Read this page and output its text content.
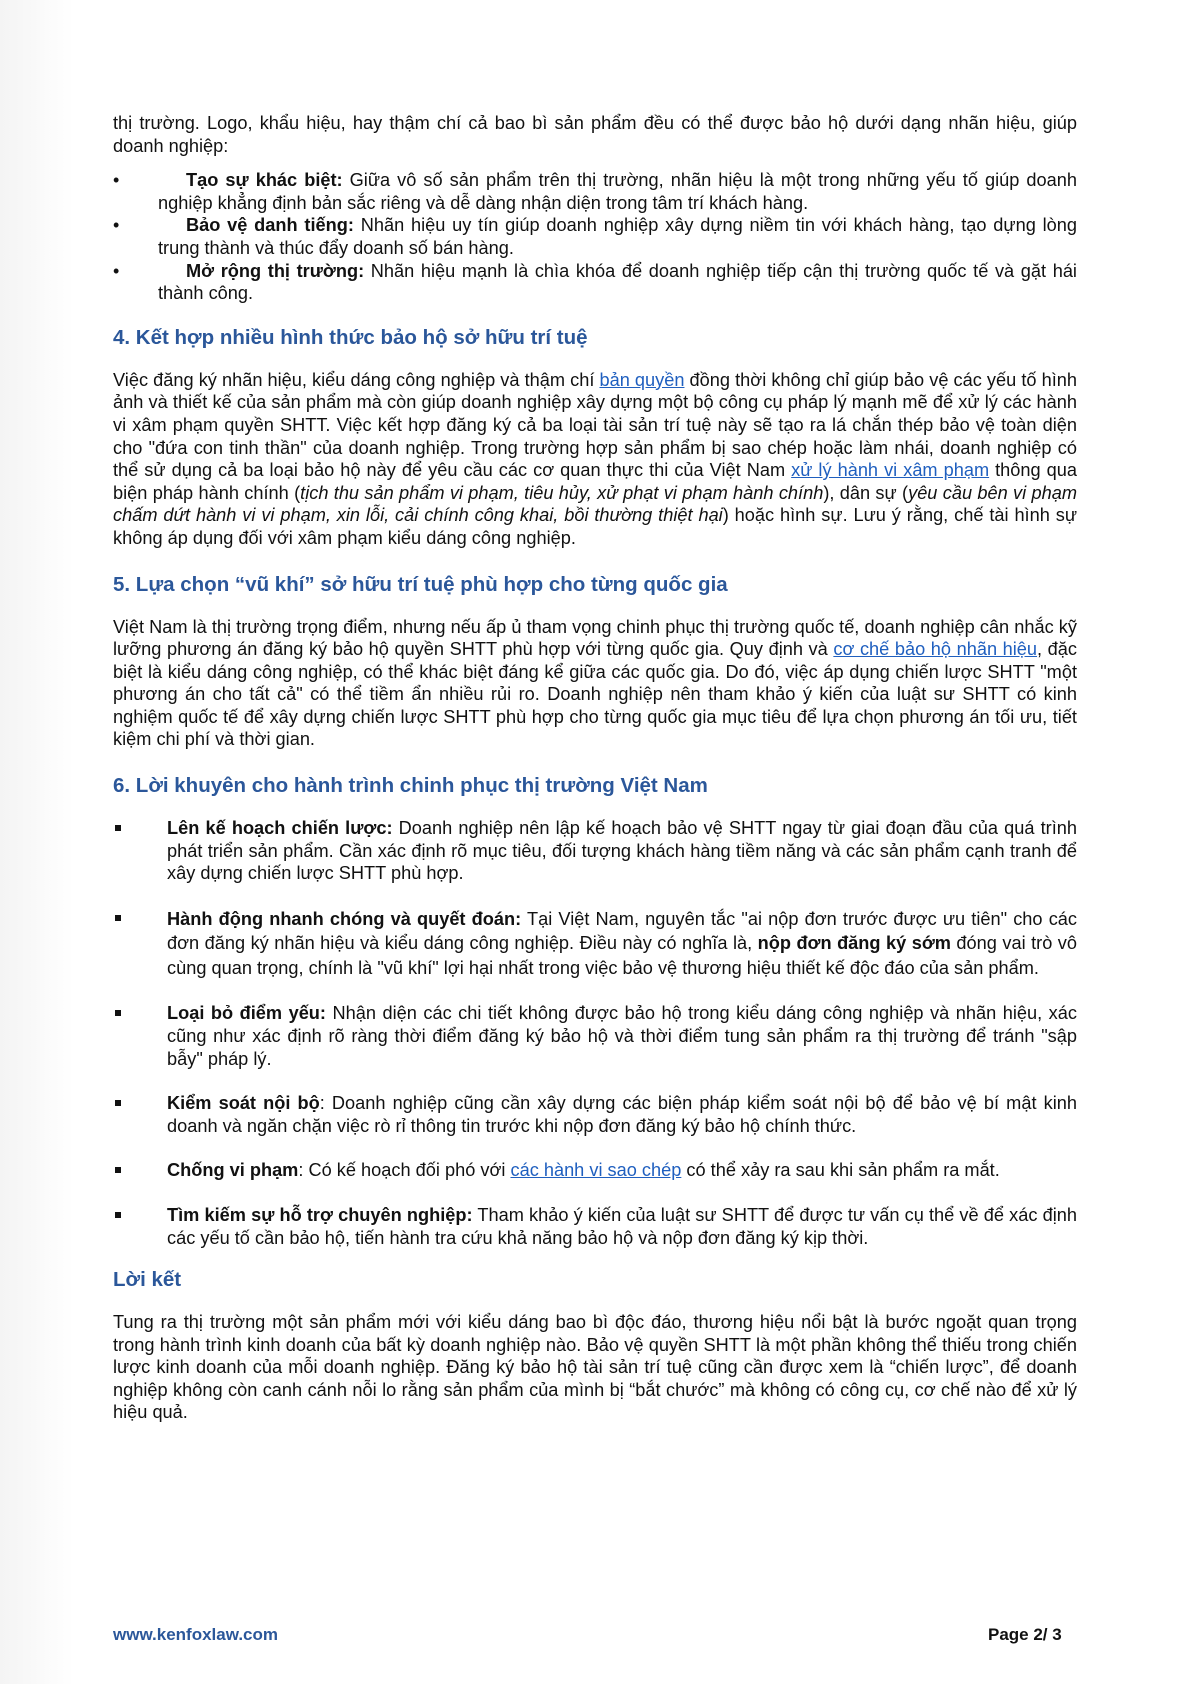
thị trường. Logo, khẩu hiệu, hay thậm chí cả bao bì sản phẩm đều có thể được bảo hộ dưới dạng nhãn hiệu, giúp doanh nghiệp:

•	Tạo sự khác biệt: Giữa vô số sản phẩm trên thị trường, nhãn hiệu là một trong những yếu tố giúp doanh nghiệp khẳng định bản sắc riêng và dễ dàng nhận diện trong tâm trí khách hàng.
•	Bảo vệ danh tiếng: Nhãn hiệu uy tín giúp doanh nghiệp xây dựng niềm tin với khách hàng, tạo dựng lòng trung thành và thúc đẩy doanh số bán hàng.
•	Mở rộng thị trường: Nhãn hiệu mạnh là chìa khóa để doanh nghiệp tiếp cận thị trường quốc tế và gặt hái thành công.
4. Kết hợp nhiều hình thức bảo hộ sở hữu trí tuệ

Việc đăng ký nhãn hiệu, kiểu dáng công nghiệp và thậm chí bản quyền đồng thời không chỉ giúp bảo vệ các yếu tố hình ảnh và thiết kế của sản phẩm mà còn giúp doanh nghiệp xây dựng một bộ công cụ pháp lý mạnh mẽ để xử lý các hành vi xâm phạm quyền SHTT. Việc kết hợp đăng ký cả ba loại tài sản trí tuệ này sẽ tạo ra lá chắn thép bảo vệ toàn diện cho "đứa con tinh thần" của doanh nghiệp. Trong trường hợp sản phẩm bị sao chép hoặc làm nhái, doanh nghiệp có thể sử dụng cả ba loại bảo hộ này để yêu cầu các cơ quan thực thi của Việt Nam xử lý hành vi xâm phạm thông qua biện pháp hành chính (tịch thu sản phẩm vi phạm, tiêu hủy, xử phạt vi phạm hành chính), dân sự (yêu cầu bên vi phạm chấm dứt hành vi vi phạm, xin lỗi, cải chính công khai, bồi thường thiệt hại) hoặc hình sự. Lưu ý rằng, chế tài hình sự không áp dụng đối với xâm phạm kiểu dáng công nghiệp.

5. Lựa chọn “vũ khí” sở hữu trí tuệ phù hợp cho từng quốc gia

Việt Nam là thị trường trọng điểm, nhưng nếu ấp ủ tham vọng chinh phục thị trường quốc tế, doanh nghiệp cân nhắc kỹ lưỡng phương án đăng ký bảo hộ quyền SHTT phù hợp với từng quốc gia. Quy định và cơ chế bảo hộ nhãn hiệu, đặc biệt là kiểu dáng công nghiệp, có thể khác biệt đáng kể giữa các quốc gia. Do đó, việc áp dụng chiến lược SHTT "một phương án cho tất cả" có thể tiềm ẩn nhiều rủi ro. Doanh nghiệp nên tham khảo ý kiến của luật sư SHTT có kinh nghiệm quốc tế để xây dựng chiến lược SHTT phù hợp cho từng quốc gia mục tiêu để lựa chọn phương án tối ưu, tiết kiệm chi phí và thời gian.

6. Lời khuyên cho hành trình chinh phục thị trường Việt Nam
Lên kế hoạch chiến lược: Doanh nghiệp nên lập kế hoạch bảo vệ SHTT ngay từ giai đoạn đầu của quá trình phát triển sản phẩm. Cần xác định rõ mục tiêu, đối tượng khách hàng tiềm năng và các sản phẩm cạnh tranh để xây dựng chiến lược SHTT phù hợp.
Hành động nhanh chóng và quyết đoán: Tại Việt Nam, nguyên tắc "ai nộp đơn trước được ưu tiên" cho các đơn đăng ký nhãn hiệu và kiểu dáng công nghiệp. Điều này có nghĩa là, nộp đơn đăng ký sớm đóng vai trò vô cùng quan trọng, chính là "vũ khí" lợi hại nhất trong việc bảo vệ thương hiệu thiết kế độc đáo của sản phẩm.
Loại bỏ điểm yếu: Nhận diện các chi tiết không được bảo hộ trong kiểu dáng công nghiệp và nhãn hiệu, xác cũng như xác định rõ ràng thời điểm đăng ký bảo hộ và thời điểm tung sản phẩm ra thị trường để tránh "sập bẫy" pháp lý.
Kiểm soát nội bộ: Doanh nghiệp cũng cần xây dựng các biện pháp kiểm soát nội bộ để bảo vệ bí mật kinh doanh và ngăn chặn việc rò rỉ thông tin trước khi nộp đơn đăng ký bảo hộ chính thức.
Chống vi phạm: Có kế hoạch đối phó với các hành vi sao chép có thể xảy ra sau khi sản phẩm ra mắt.
Tìm kiếm sự hỗ trợ chuyên nghiệp: Tham khảo ý kiến của luật sư SHTT để được tư vấn cụ thể về để xác định các yếu tố cần bảo hộ, tiến hành tra cứu khả năng bảo hộ và nộp đơn đăng ký kịp thời.
Lời kết

Tung ra thị trường một sản phẩm mới với kiểu dáng bao bì độc đáo, thương hiệu nổi bật là bước ngoặt quan trọng trong hành trình kinh doanh của bất kỳ doanh nghiệp nào. Bảo vệ quyền SHTT là một phần không thể thiếu trong chiến lược kinh doanh của mỗi doanh nghiệp. Đăng ký bảo hộ tài sản trí tuệ cũng cần được xem là “chiến lược”, để doanh nghiệp không còn canh cánh nỗi lo rằng sản phẩm của mình bị “bắt chước” mà không có công cụ, cơ chế nào để xử lý hiệu quả.

www.kenfoxlaw.com	Page 2/ 3
